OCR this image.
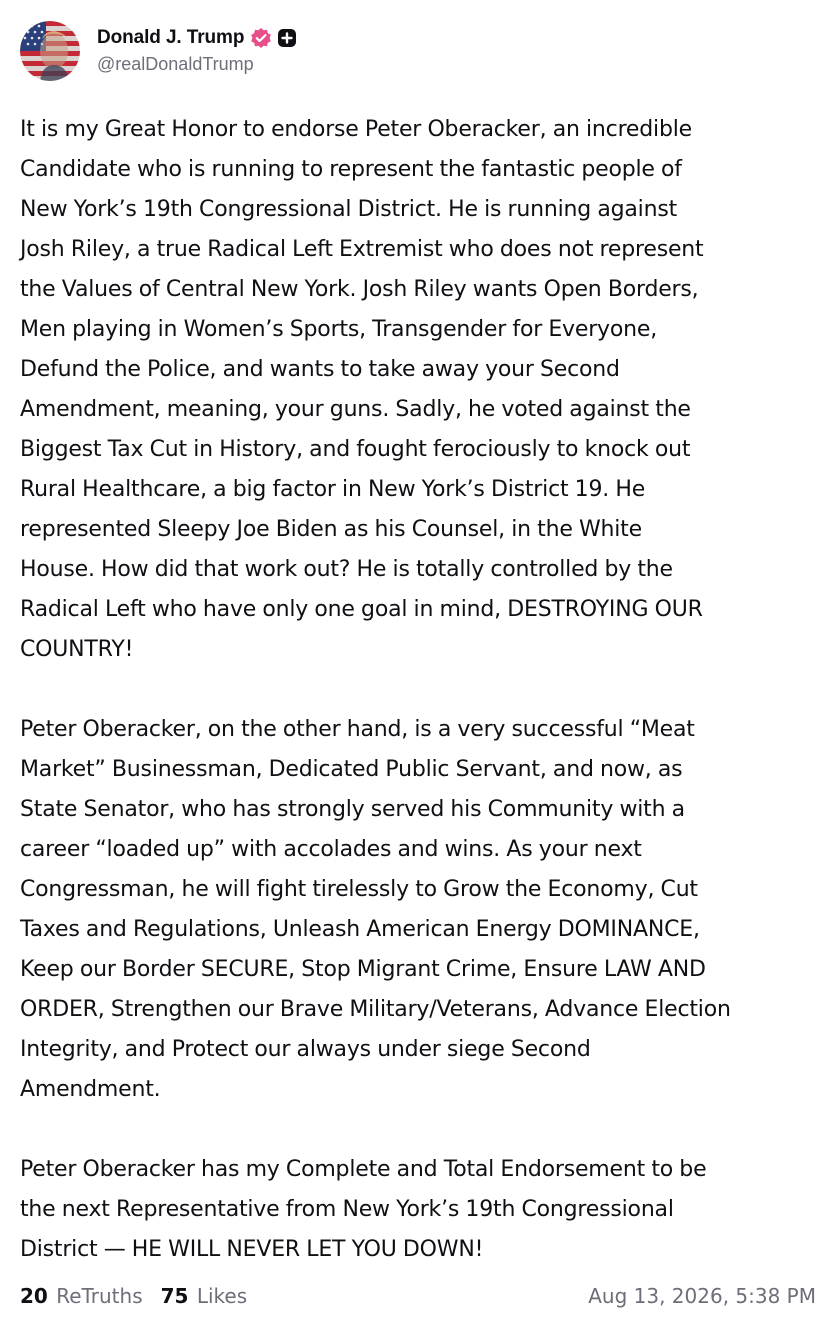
Donald J. Trump
@realDonaldTrump

It is my Great Honor to endorse Peter Oberacker, an incredible
Candidate who is running to represent the fantastic people of
New York’s 19th Congressional District. He is running against
Josh Riley, a true Radical Left Extremist who does not represent
the Values of Central New York. Josh Riley wants Open Borders,
Men playing in Women’s Sports, Transgender for Everyone,
Defund the Police, and wants to take away your Second
Amendment, meaning, your guns. Sadly, he voted against the
Biggest Tax Cut in History, and fought ferociously to knock out
Rural Healthcare, a big factor in New York’s District 19. He
represented Sleepy Joe Biden as his Counsel, in the White
House. How did that work out? He is totally controlled by the
Radical Left who have only one goal in mind, DESTROYING OUR
COUNTRY!

Peter Oberacker, on the other hand, is a very successful “Meat
Market” Businessman, Dedicated Public Servant, and now, as
State Senator, who has strongly served his Community with a
career “loaded up” with accolades and wins. As your next
Congressman, he will fight tirelessly to Grow the Economy, Cut
Taxes and Regulations, Unleash American Energy DOMINANCE,
Keep our Border SECURE, Stop Migrant Crime, Ensure LAW AND
ORDER, Strengthen our Brave Military/Veterans, Advance Election
Integrity, and Protect our always under siege Second
Amendment.

Peter Oberacker has my Complete and Total Endorsement to be
the next Representative from New York’s 19th Congressional
District — HE WILL NEVER LET YOU DOWN!

20 ReTruths 75 Likes	Aug 13, 2026, 5:38 PM
